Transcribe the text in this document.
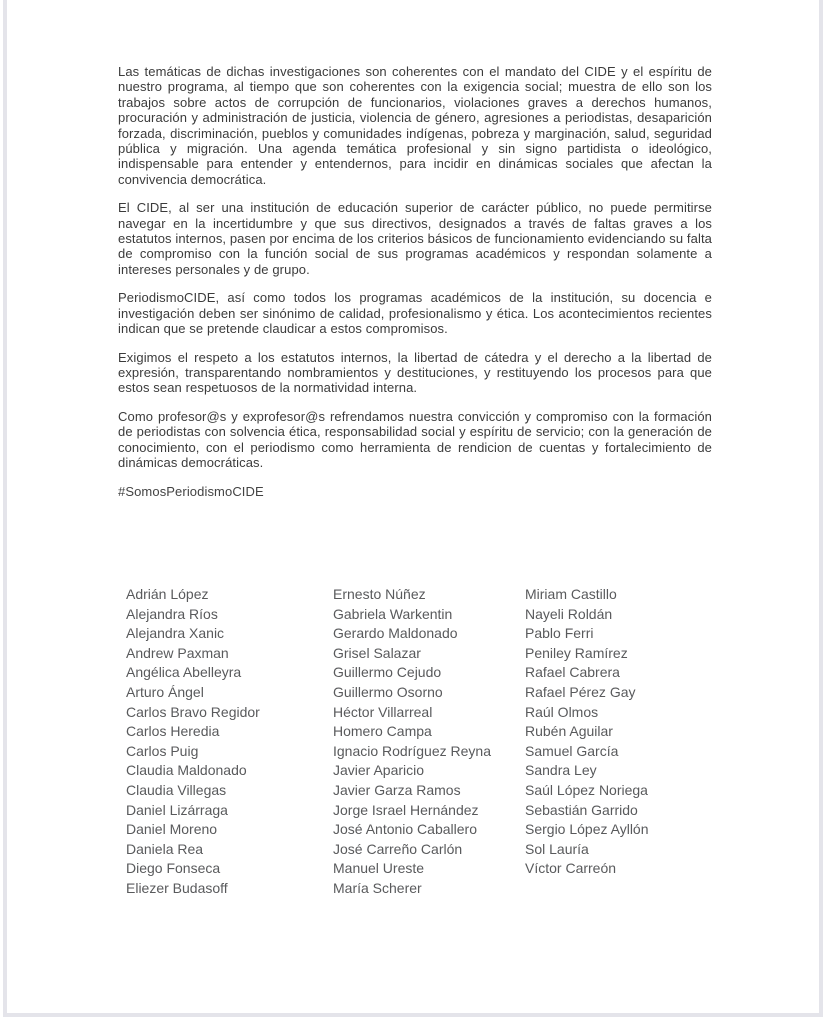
Las temáticas de dichas investigaciones son coherentes con el mandato del CIDE y el espíritu de nuestro programa, al tiempo que son coherentes con la exigencia social; muestra de ello son los trabajos sobre actos de corrupción de funcionarios, violaciones graves a derechos humanos, procuración y administración de justicia, violencia de género, agresiones a periodistas, desaparición forzada, discriminación, pueblos y comunidades indígenas, pobreza y marginación, salud, seguridad pública y migración. Una agenda temática profesional y sin signo partidista o ideológico, indispensable para entender y entendernos, para incidir en dinámicas sociales que afectan la convivencia democrática.

El CIDE, al ser una institución de educación superior de carácter público, no puede permitirse navegar en la incertidumbre y que sus directivos, designados a través de faltas graves a los estatutos internos, pasen por encima de los criterios básicos de funcionamiento evidenciando su falta de compromiso con la función social de sus programas académicos y respondan solamente a intereses personales y de grupo.

PeriodismoCIDE, así como todos los programas académicos de la institución, su docencia e investigación deben ser sinónimo de calidad, profesionalismo y ética. Los acontecimientos recientes indican que se pretende claudicar a estos compromisos.

Exigimos el respeto a los estatutos internos, la libertad de cátedra y el derecho a la libertad de expresión, transparentando nombramientos y destituciones, y restituyendo los procesos para que estos sean respetuosos de la normatividad interna.

Como profesor@s y exprofesor@s refrendamos nuestra convicción y compromiso con la formación de periodistas con solvencia ética, responsabilidad social y espíritu de servicio; con la generación de conocimiento, con el periodismo como herramienta de rendicion de cuentas y fortalecimiento de dinámicas democráticas.

#SomosPeriodismoCIDE

Adrián López
Alejandra Ríos
Alejandra Xanic
Andrew Paxman
Angélica Abelleyra
Arturo Ángel
Carlos Bravo Regidor
Carlos Heredia
Carlos Puig
Claudia Maldonado
Claudia Villegas
Daniel Lizárraga
Daniel Moreno
Daniela Rea
Diego Fonseca
Eliezer Budasoff
Ernesto Núñez
Gabriela Warkentin
Gerardo Maldonado
Grisel Salazar
Guillermo Cejudo
Guillermo Osorno
Héctor Villarreal
Homero Campa
Ignacio Rodríguez Reyna
Javier Aparicio
Javier Garza Ramos
Jorge Israel Hernández
José Antonio Caballero
José Carreño Carlón
Manuel Ureste
María Scherer
Miriam Castillo
Nayeli Roldán
Pablo Ferri
Peniley Ramírez
Rafael Cabrera
Rafael Pérez Gay
Raúl Olmos
Rubén Aguilar
Samuel García
Sandra Ley
Saúl López Noriega
Sebastián Garrido
Sergio López Ayllón
Sol Lauría
Víctor Carreón
